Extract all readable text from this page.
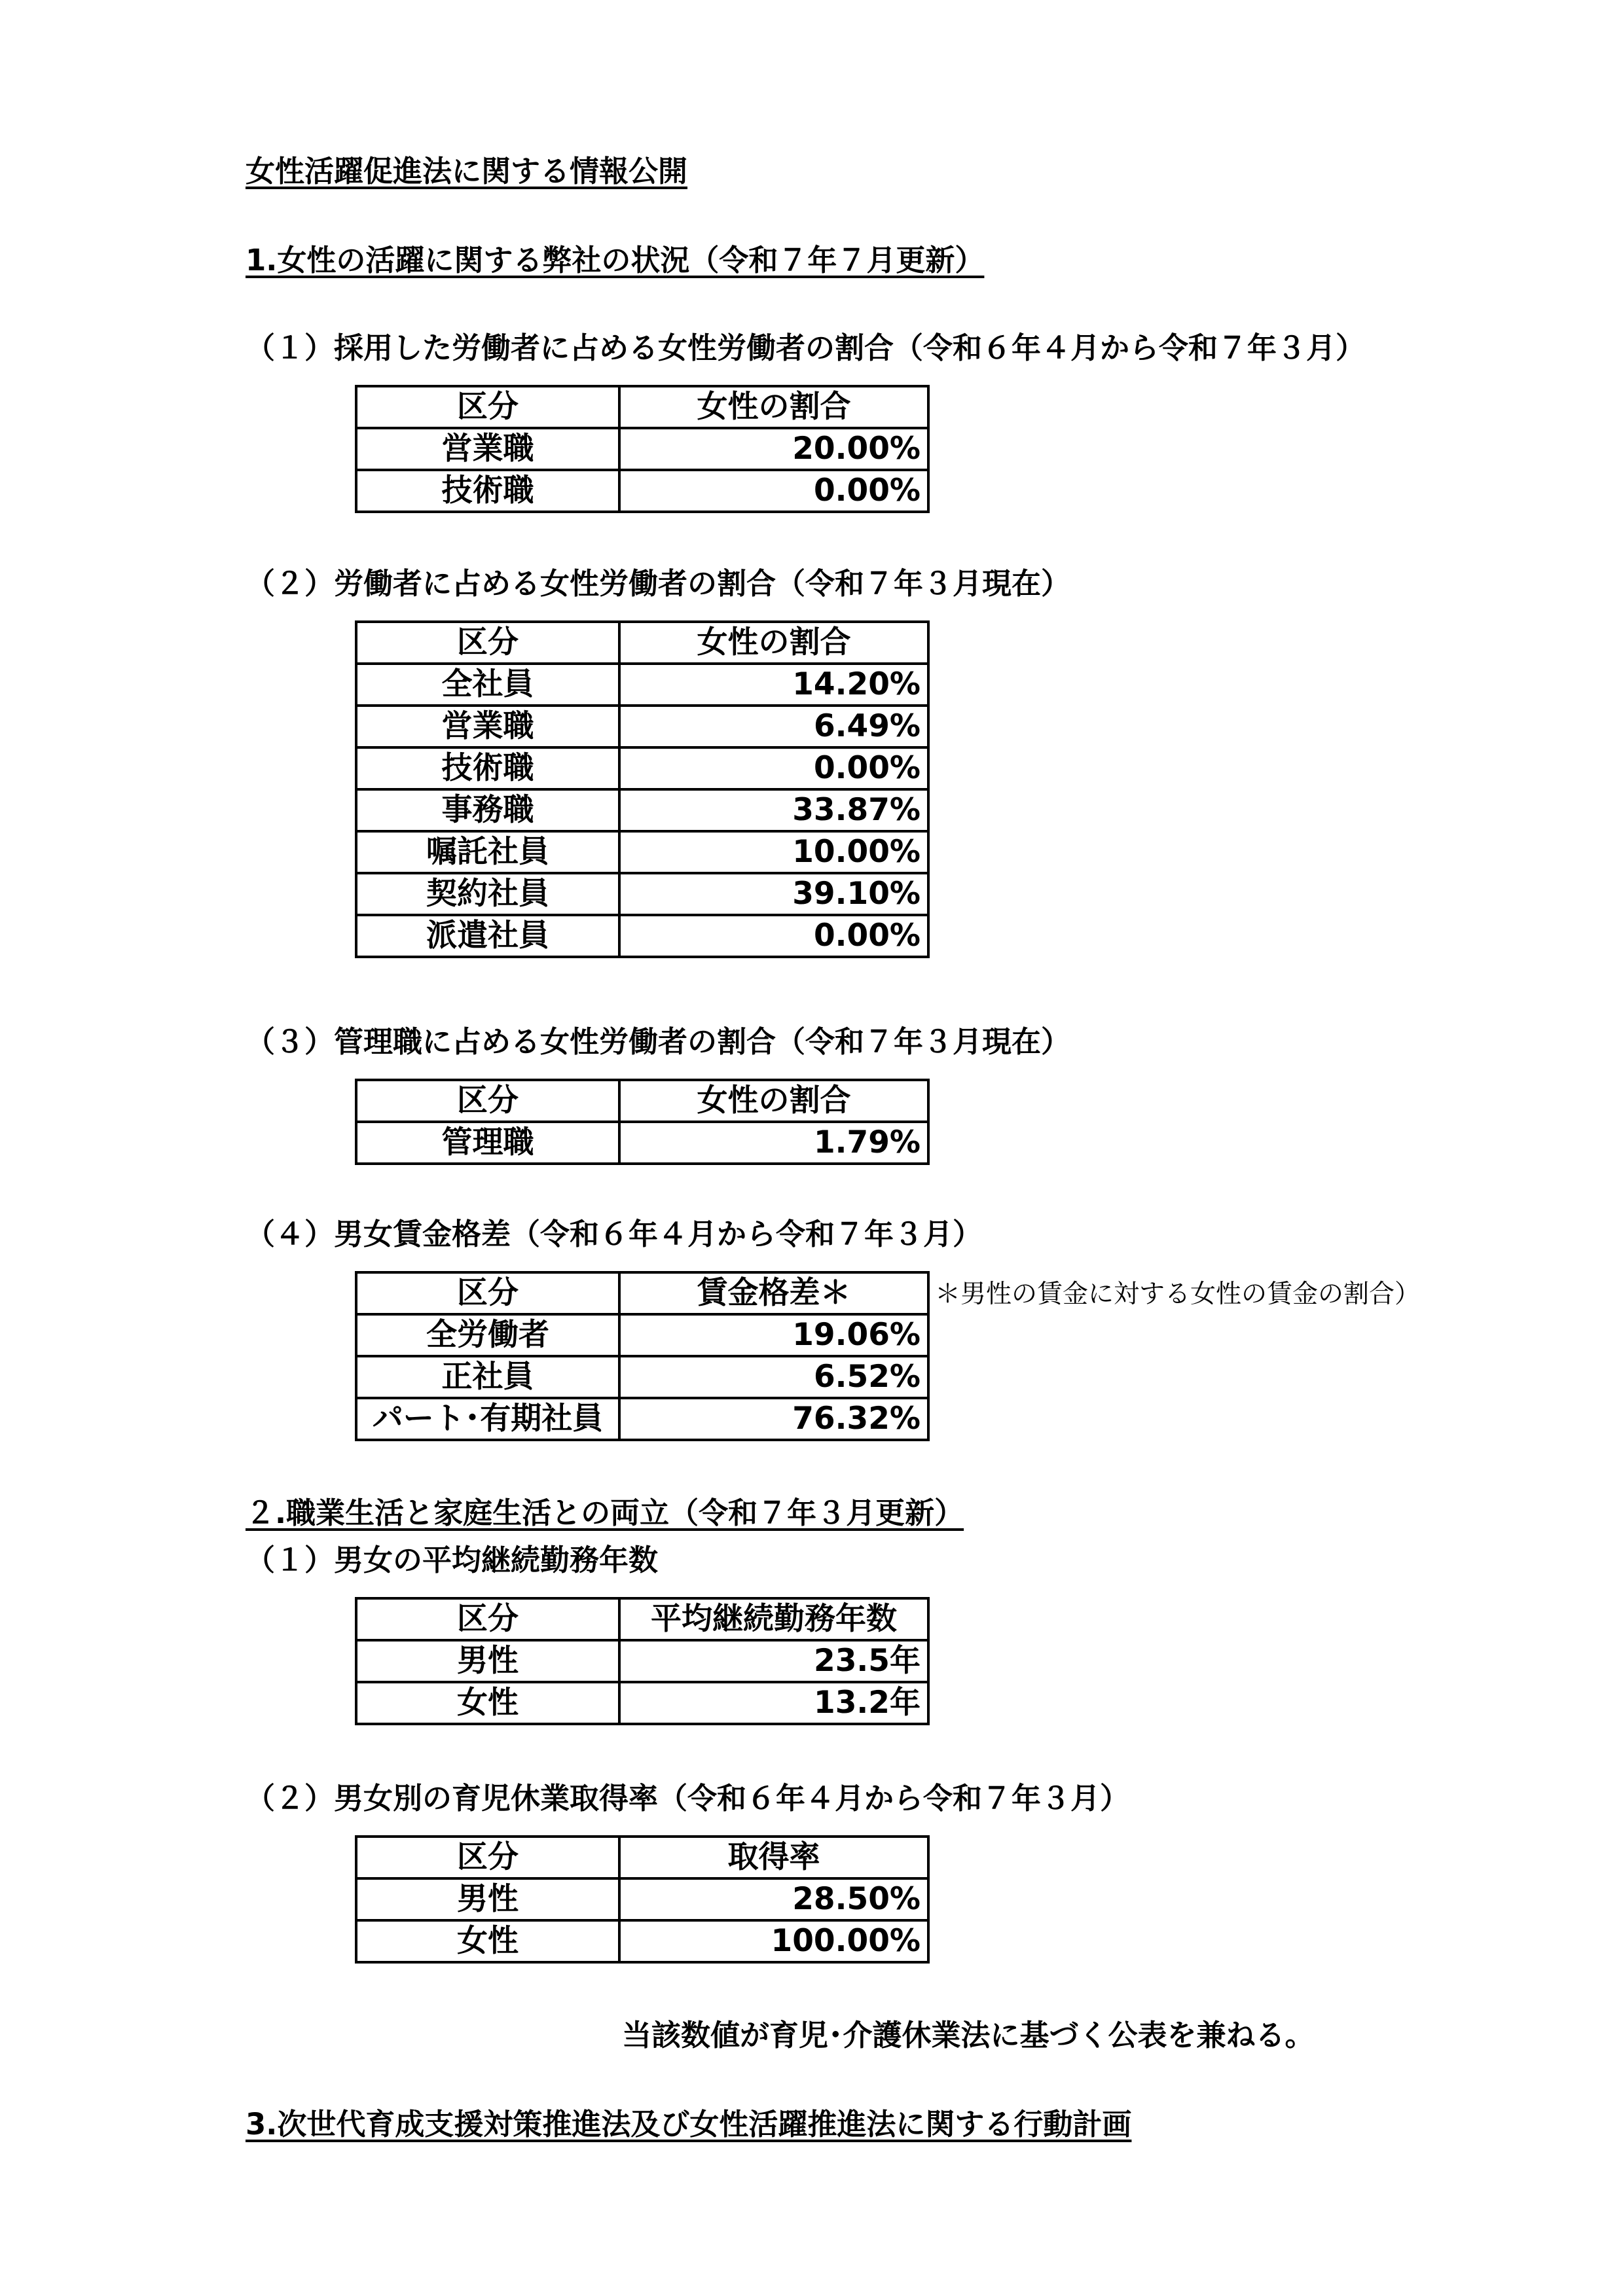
女性活躍促進法に関する情報公開
1.女性の活躍に関する弊社の状況（令和７年７月更新）
（１）採用した労働者に占める女性労働者の割合（令和６年４月から令和７年３月）
区分	女性の割合
営業職	20.00%
技術職	0.00%
（２）労働者に占める女性労働者の割合（令和７年３月現在）
区分	女性の割合
全社員	14.20%
営業職	6.49%
技術職	0.00%
事務職	33.87%
嘱託社員	10.00%
契約社員	39.10%
派遣社員	0.00%
（３）管理職に占める女性労働者の割合（令和７年３月現在）
区分	女性の割合
管理職	1.79%
（４）男女賃金格差（令和６年４月から令和７年３月）
区分	賃金格差＊
全労働者	19.06%
正社員	6.52%
パート･有期社員	76.32%
＊男性の賃金に対する女性の賃金の割合）
２.職業生活と家庭生活との両立（令和７年３月更新）
（１）男女の平均継続勤務年数
区分	平均継続勤務年数
男性	23.5年
女性	13.2年
（２）男女別の育児休業取得率（令和６年４月から令和７年３月）
区分	取得率
男性	28.50%
女性	100.00%
当該数値が育児･介護休業法に基づく公表を兼ねる。
3.次世代育成支援対策推進法及び女性活躍推進法に関する行動計画
